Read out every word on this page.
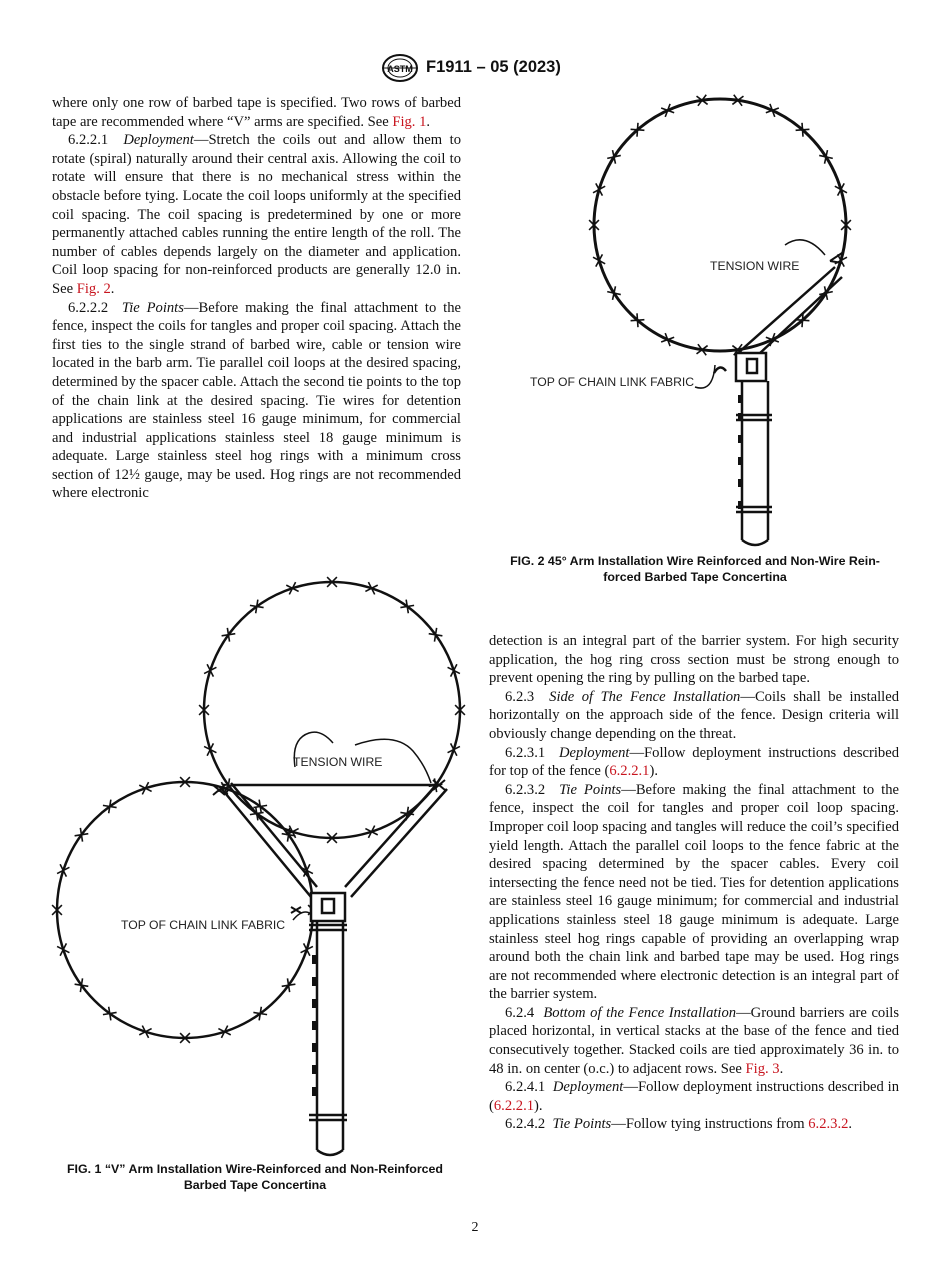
ASTM F1911 – 05 (2023)

where only one row of barbed tape is specified. Two rows of barbed tape are recommended where “V” arms are specified. See Fig. 1.

6.2.2.1 Deployment—Stretch the coils out and allow them to rotate (spiral) naturally around their central axis. Allowing the coil to rotate will ensure that there is no mechanical stress within the obstacle before tying. Locate the coil loops uniformly at the specified coil spacing. The coil spacing is predetermined by one or more permanently attached cables running the entire length of the roll. The number of cables depends largely on the diameter and application. Coil loop spacing for non-reinforced products are generally 12.0 in. See Fig. 2.

6.2.2.2 Tie Points—Before making the final attachment to the fence, inspect the coils for tangles and proper coil spacing. Attach the first ties to the single strand of barbed wire, cable or tension wire located in the barb arm. Tie parallel coil loops at the desired spacing, determined by the spacer cable. Attach the second tie points to the top of the chain link at the desired spacing. Tie wires for detention applications are stainless steel 16 gauge minimum, for commercial and industrial applications stainless steel 18 gauge minimum is adequate. Large stainless steel hog rings with a minimum cross section of 12½ gauge, may be used. Hog rings are not recommended where electronic

TENSION WIRE
TOP OF CHAIN LINK FABRIC
FIG. 2 45° Arm Installation Wire Reinforced and Non-Wire Rein-
forced Barbed Tape Concertina
TENSION WIRE
TOP OF CHAIN LINK FABRIC
FIG. 1 “V” Arm Installation Wire-Reinforced and Non-Reinforced
Barbed Tape Concertina

detection is an integral part of the barrier system. For high security application, the hog ring cross section must be strong enough to prevent opening the ring by pulling on the barbed tape.

6.2.3 Side of The Fence Installation—Coils shall be installed horizontally on the approach side of the fence. Design criteria will obviously change depending on the threat.

6.2.3.1 Deployment—Follow deployment instructions described for top of the fence (6.2.2.1).

6.2.3.2 Tie Points—Before making the final attachment to the fence, inspect the coil for tangles and proper coil loop spacing. Improper coil loop spacing and tangles will reduce the coil’s specified yield length. Attach the parallel coil loops to the fence fabric at the desired spacing determined by the spacer cables. Every coil intersecting the fence need not be tied. Ties for detention applications are stainless steel 16 gauge minimum; for commercial and industrial applications stainless steel 18 gauge minimum is adequate. Large stainless steel hog rings capable of providing an overlapping wrap around both the chain link and barbed tape may be used. Hog rings are not recommended where electronic detection is an integral part of the barrier system.

6.2.4 Bottom of the Fence Installation—Ground barriers are coils placed horizontal, in vertical stacks at the base of the fence and tied consecutively together. Stacked coils are tied approximately 36 in. to 48 in. on center (o.c.) to adjacent rows. See Fig. 3.

6.2.4.1 Deployment—Follow deployment instructions described in (6.2.2.1).

6.2.4.2 Tie Points—Follow tying instructions from 6.2.3.2.

2
